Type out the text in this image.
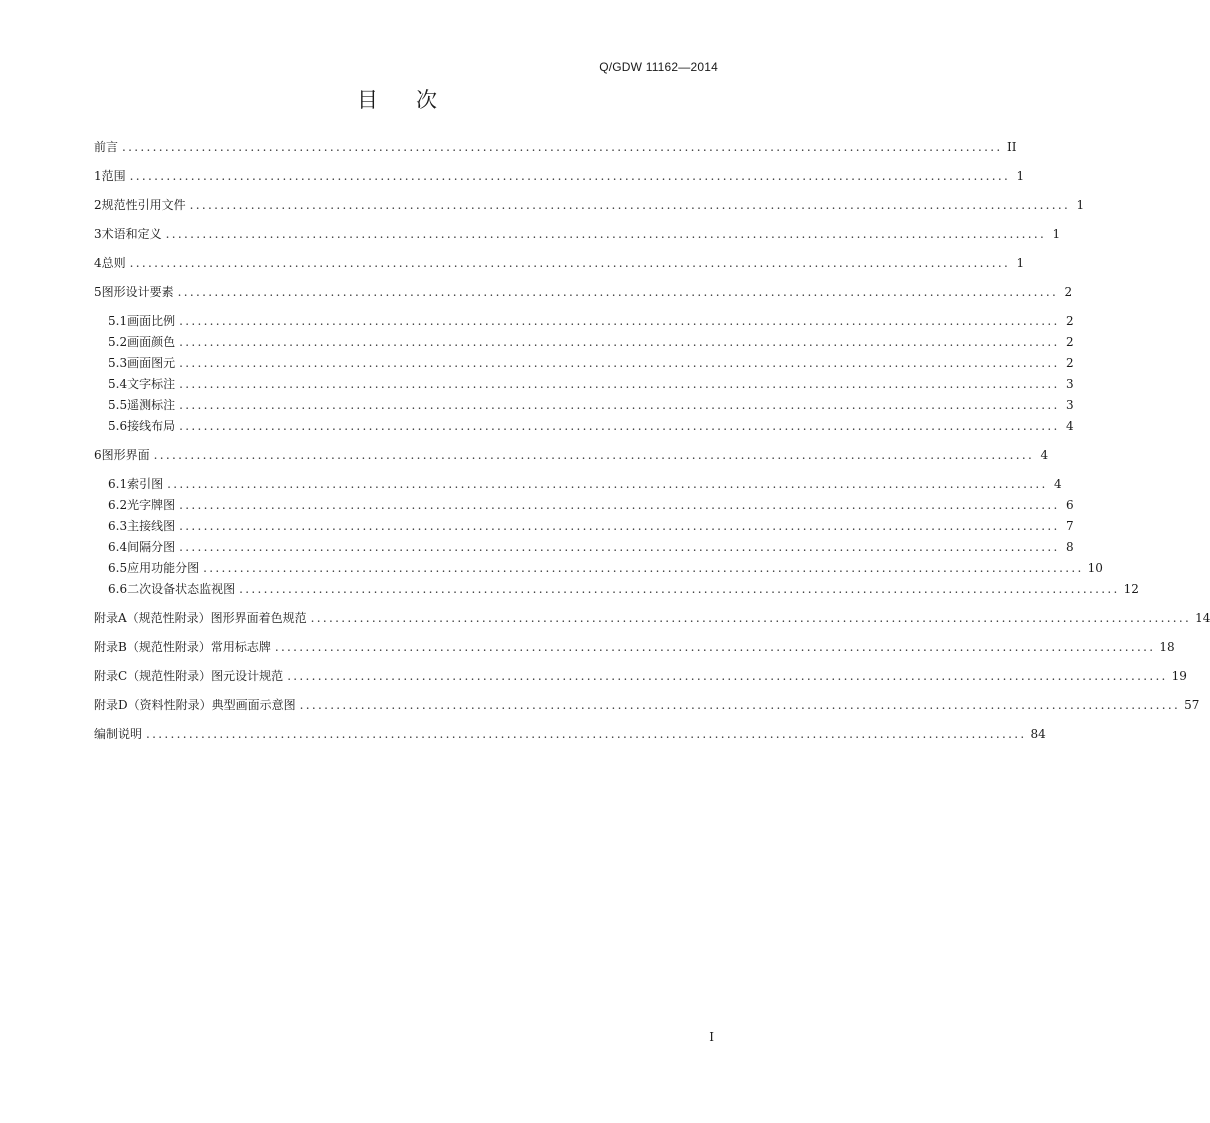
Q/GDW 11162—2014
目次
前言 ................................................................................................................................................ II
1 范围 ................................................................................................................................................ 1
2 规范性引用文件 ................................................................................................................................................ 1
3 术语和定义 ................................................................................................................................................ 1
4 总则 ................................................................................................................................................ 1
5 图形设计要素 ................................................................................................................................................ 2
5.1 画面比例 ................................................................................................................................................ 2
5.2 画面颜色 ................................................................................................................................................ 2
5.3 画面图元 ................................................................................................................................................ 2
5.4 文字标注 ................................................................................................................................................ 3
5.5 遥测标注 ................................................................................................................................................ 3
5.6 接线布局 ................................................................................................................................................ 4
6 图形界面 ................................................................................................................................................ 4
6.1 索引图 ................................................................................................................................................ 4
6.2 光字牌图 ................................................................................................................................................ 6
6.3 主接线图 ................................................................................................................................................ 7
6.4 间隔分图 ................................................................................................................................................ 8
6.5 应用功能分图 ................................................................................................................................................ 10
6.6 二次设备状态监视图 ................................................................................................................................................ 12
附录A（规范性附录）图形界面着色规范 ................................................................................................................................................ 14
附录B（规范性附录）常用标志牌 ................................................................................................................................................ 18
附录C（规范性附录）图元设计规范 ................................................................................................................................................ 19
附录D（资料性附录）典型画面示意图 ................................................................................................................................................ 57
编制说明 ................................................................................................................................................ 84
I
